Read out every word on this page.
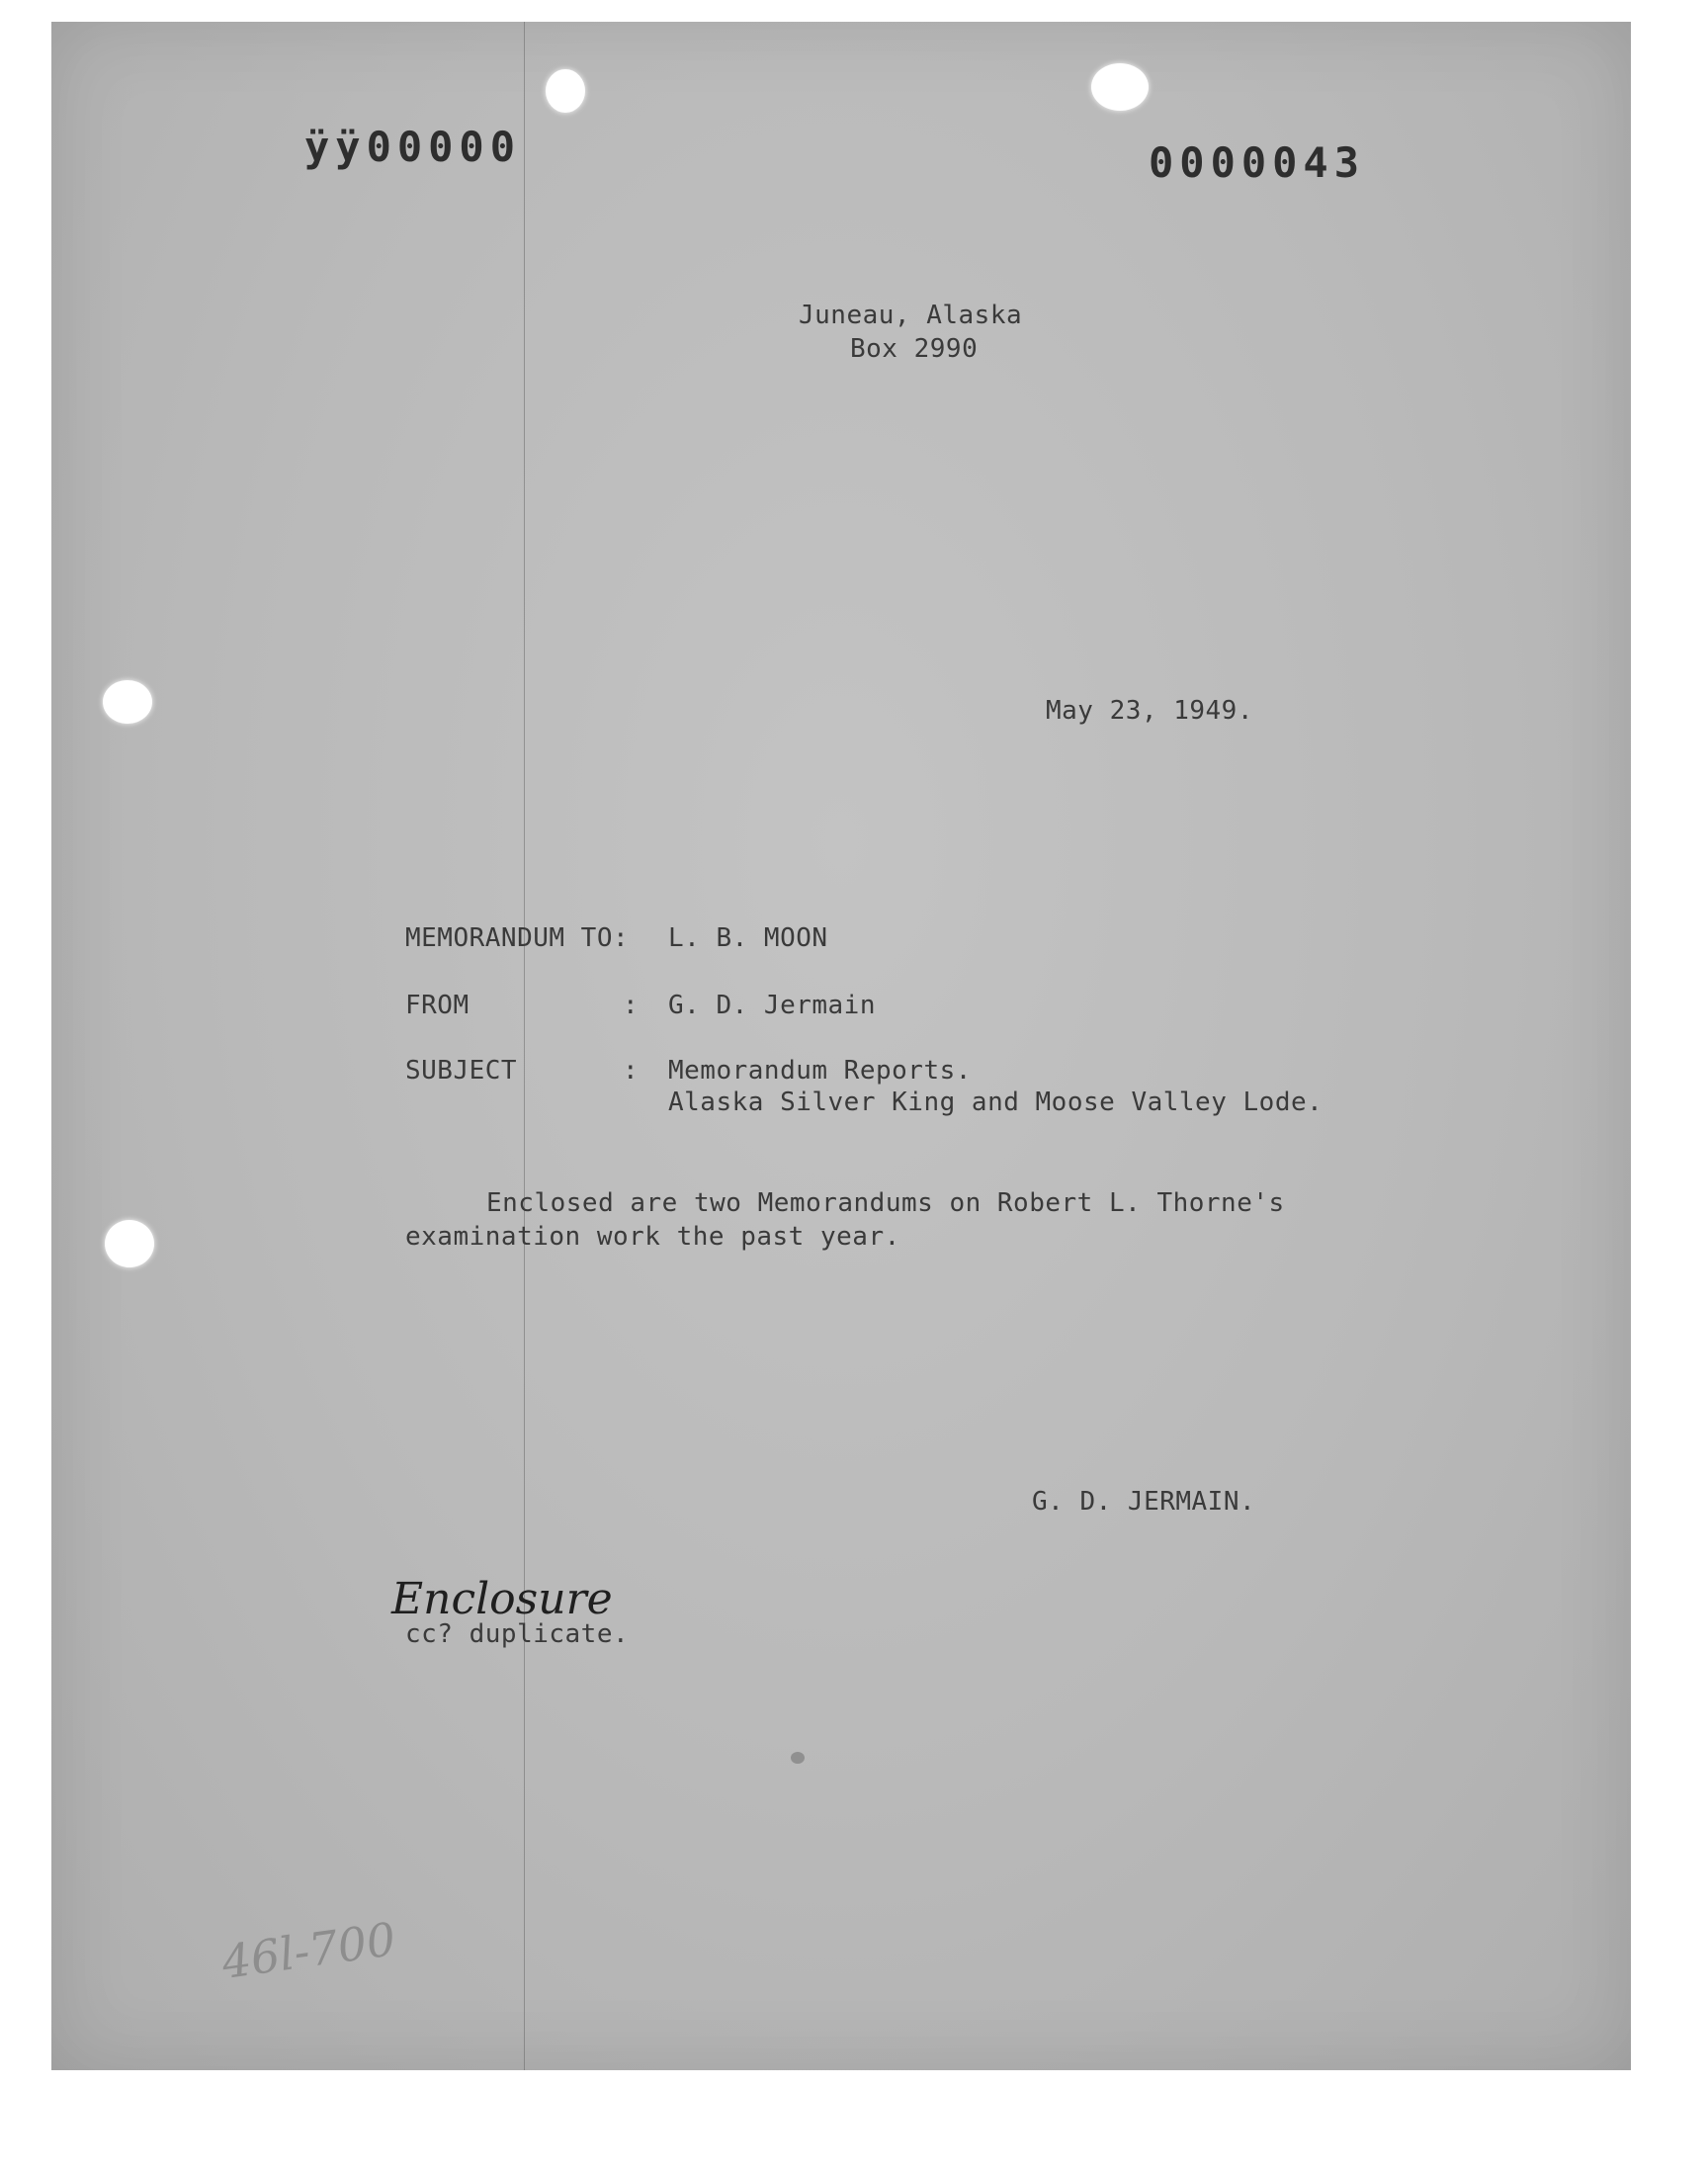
ÿÿ00000	0000043
Juneau, Alaska
Box 2990
May 23, 1949.
MEMORANDUM TO: L. B. MOON
FROM	: G. D. Jermain
SUBJECT	: Memorandum Reports.
Alaska Silver King and Moose Valley Lode.
Enclosed are two Memorandums on Robert L. Thorne's
examination work the past year.
G. D. JERMAIN.
Enclosure
cc? duplicate.
46l-700
